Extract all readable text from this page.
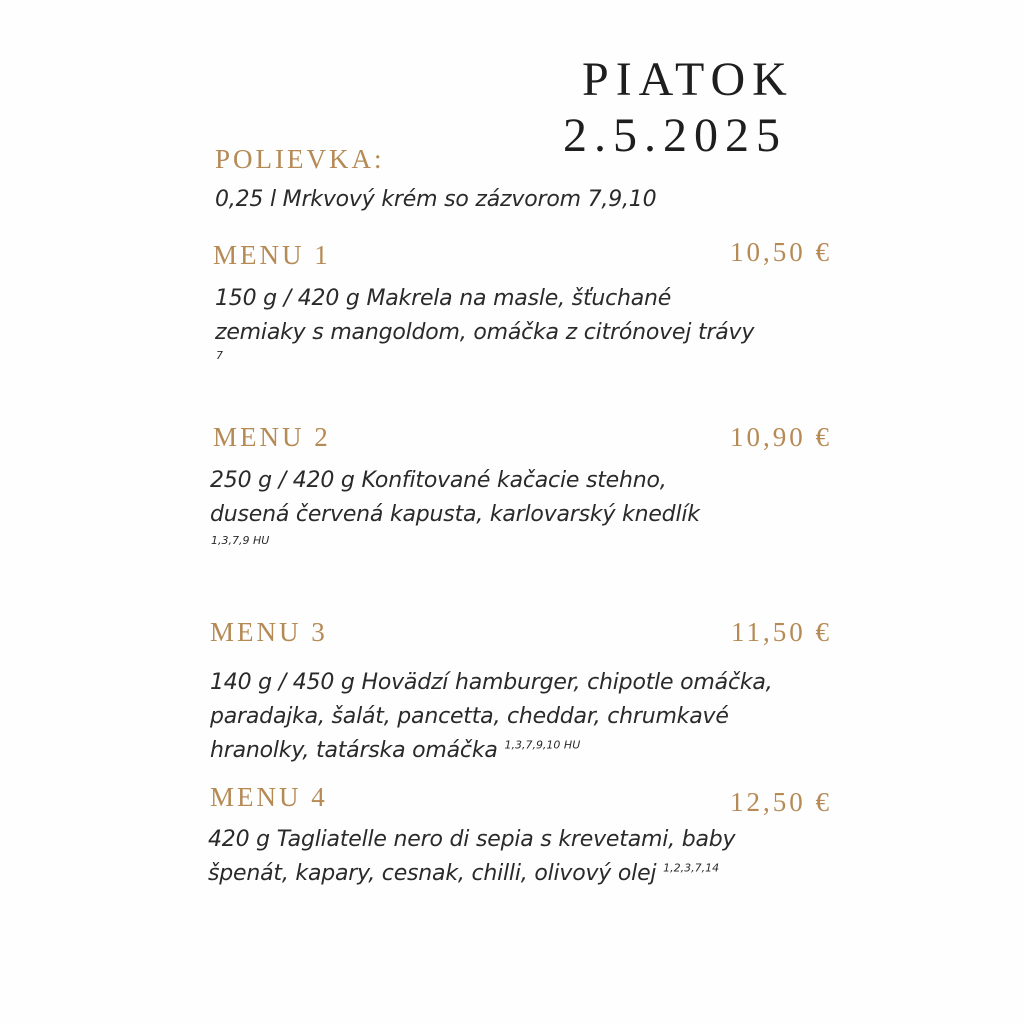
PIATOK
2.5.2025
POLIEVKA:
0,25 l Mrkvový krém so zázvorom 7,9,10
MENU 1	10,50 €
150 g / 420 g Makrela na masle, šťuchané
zemiaky s mangoldom, omáčka z citrónovej trávy
7
MENU 2	10,90 €
250 g / 420 g Konfitované kačacie stehno,
dusená červená kapusta, karlovarský knedlík
1,3,7,9 HU
MENU 3	11,50 €
140 g / 450 g Hovädzí hamburger, chipotle omáčka,
paradajka, šalát, pancetta, cheddar, chrumkavé
hranolky, tatárska omáčka $^{1,3,7,9,10 HU}$
MENU 4	12,50 €
420 g Tagliatelle nero di sepia s krevetami, baby
špenát, kapary, cesnak, chilli, olivový olej $^{1,2,3,7,14}$
